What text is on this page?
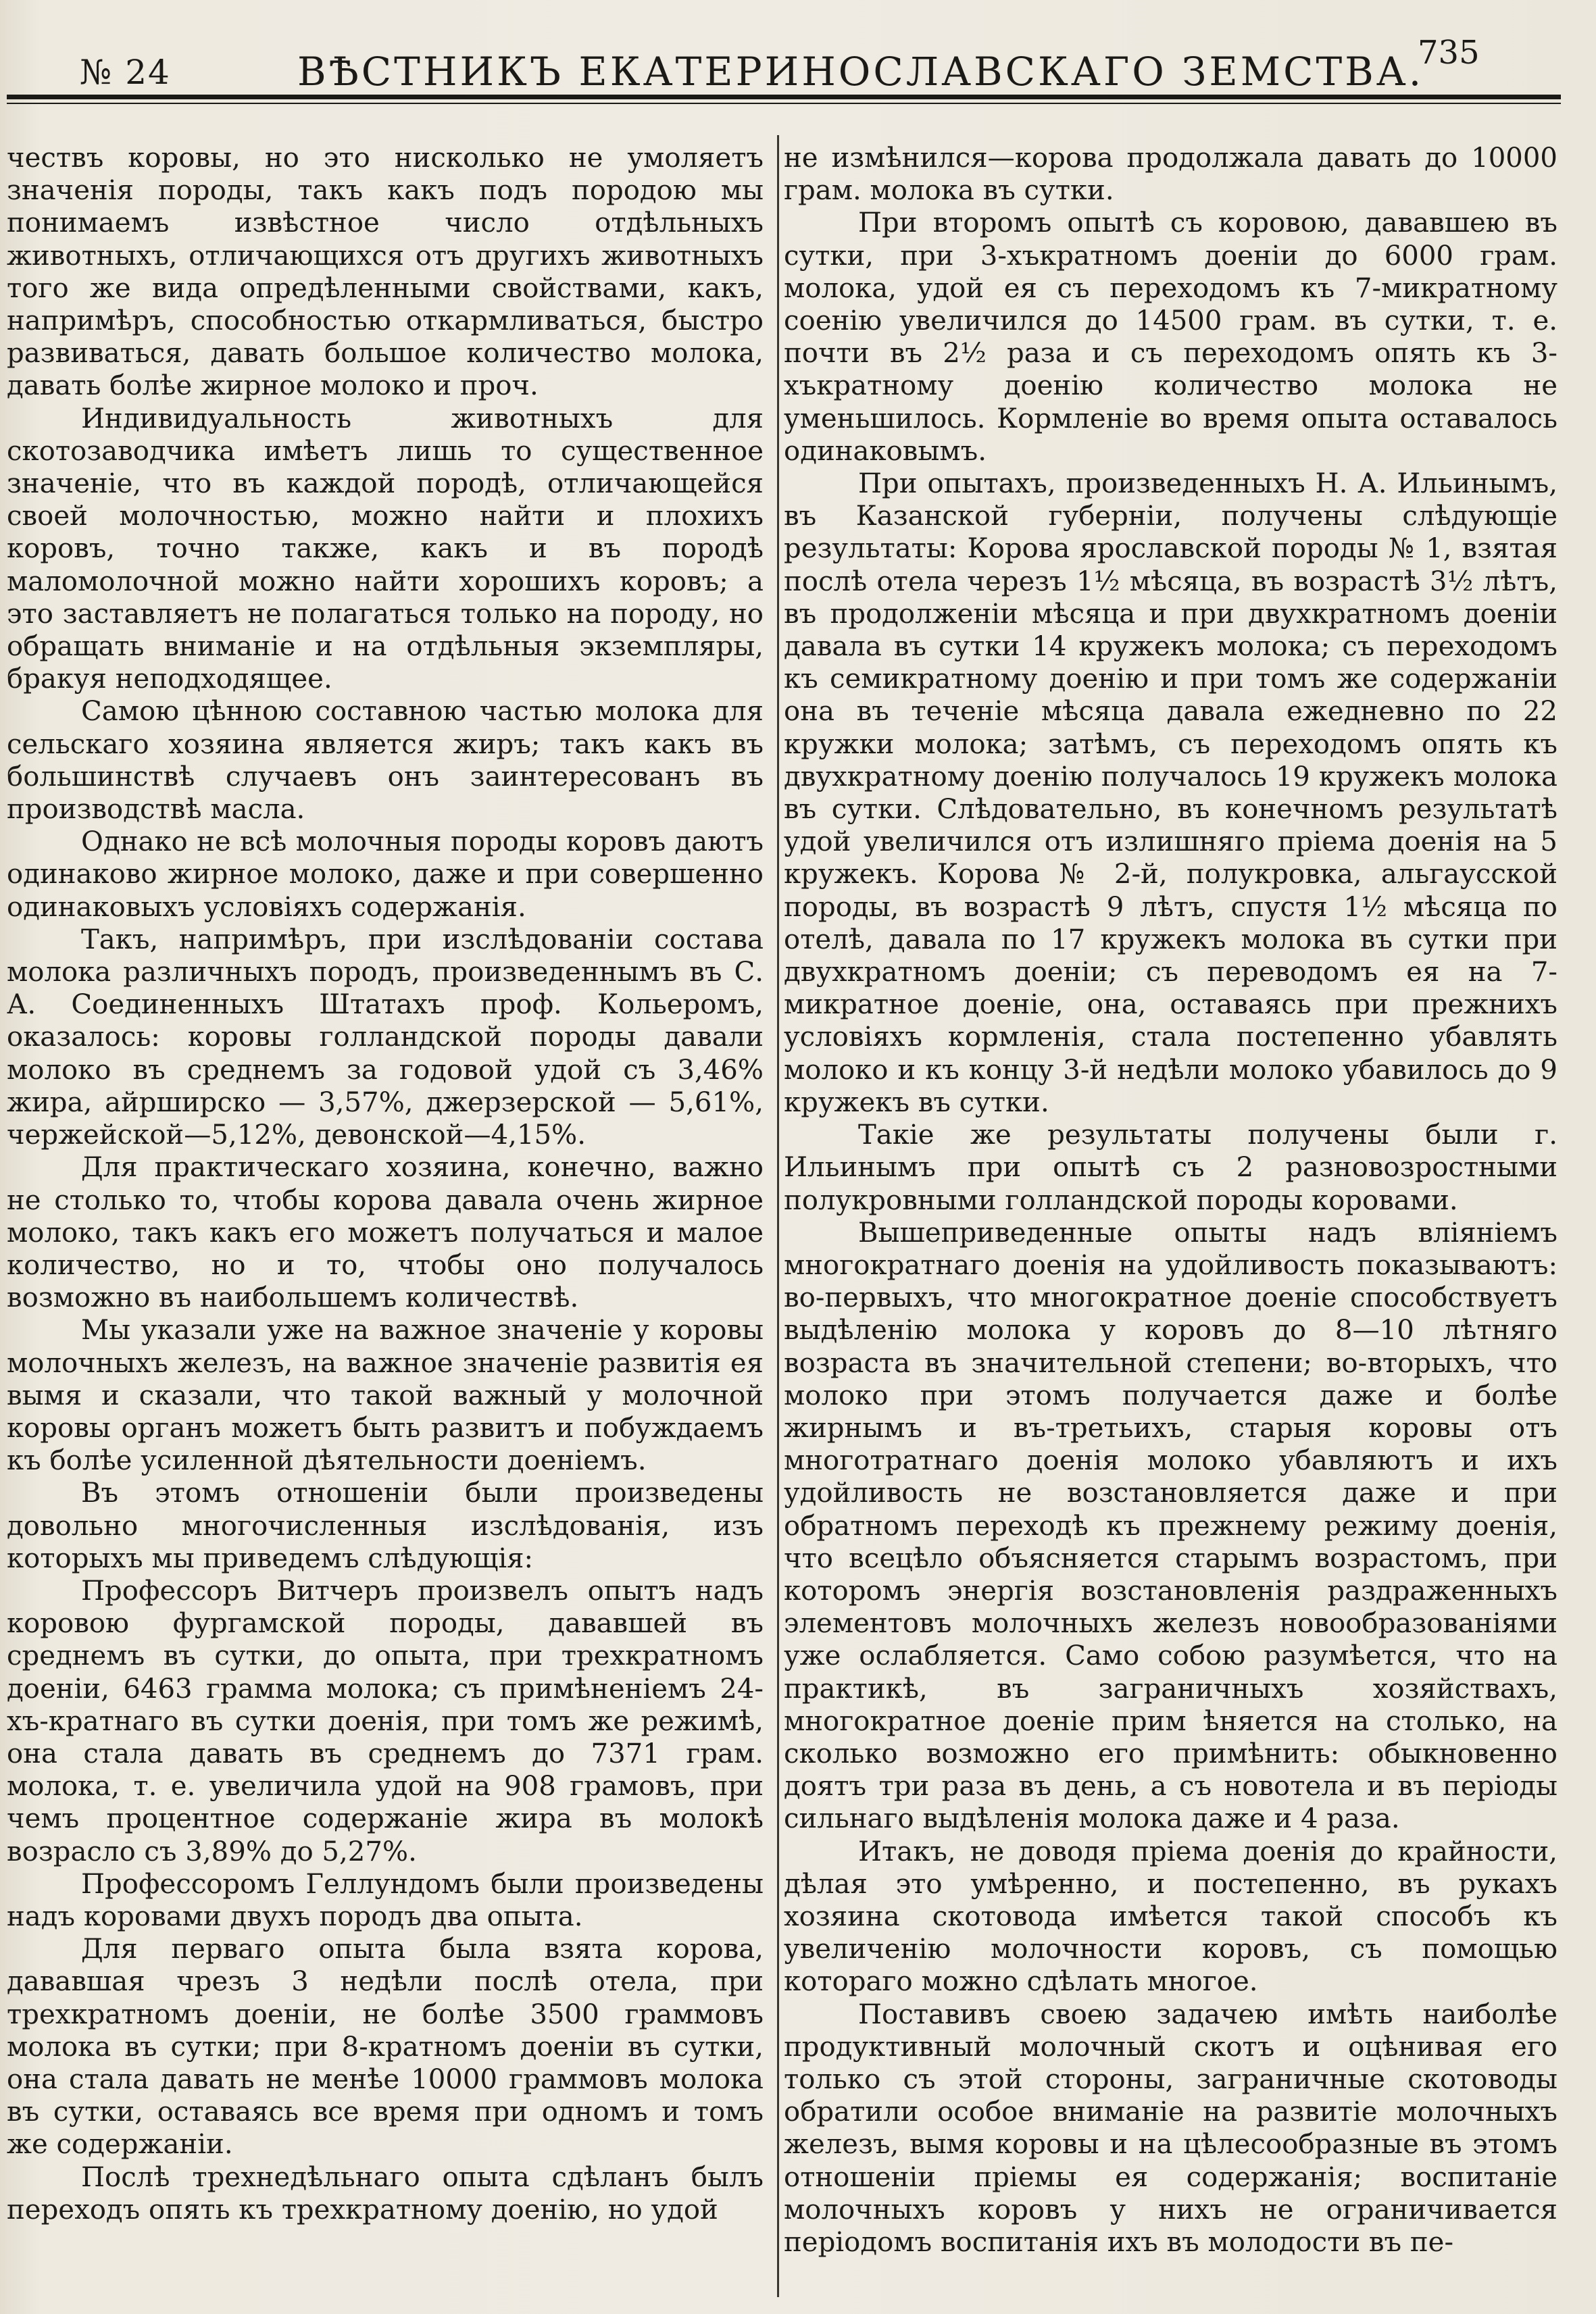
№ 24	ВѢСТНИКЪ ЕКАТЕРИНОСЛАВСКАГО ЗЕМСТВА.
735

чествъ коровы, но это нисколько не умоляетъ значенія породы, такъ какъ подъ породою мы понимаемъ извѣстное число отдѣльныхъ животныхъ, отличающихся отъ другихъ животныхъ того же вида опредѣленными свойствами, какъ, напримѣръ, способностью откармливаться, быстро развиваться, давать большое количество молока, давать болѣе жирное молоко и проч.

Индивидуальность животныхъ для скотозаводчика имѣетъ лишь то существенное значеніе, что въ каждой породѣ, отличающейся своей молочностью, можно найти и плохихъ коровъ, точно также, какъ и въ породѣ маломолочной можно найти хорошихъ коровъ; а это заставляетъ не полагаться только на породу, но обращать вниманіе и на отдѣльныя экземпляры, бракуя неподходящее.

Самою цѣнною составною частью молока для сельскаго хозяина является жиръ; такъ какъ въ большинствѣ случаевъ онъ заинтересованъ въ производствѣ масла.

Однако не всѣ молочныя породы коровъ даютъ одинаково жирное молоко, даже и при совершенно одинаковыхъ условіяхъ содержанія.

Такъ, напримѣръ, при изслѣдованіи состава молока различныхъ породъ, произведеннымъ въ С. А. Соединенныхъ Штатахъ проф. Кольеромъ, оказалось: коровы голландской породы давали молоко въ среднемъ за годовой удой съ 3,46% жира, айрширско — 3,57%, джерзерской — 5,61%, чержейской—5,12%, девонской—4,15%.

Для практическаго хозяина, конечно, важно не столько то, чтобы корова давала очень жирное молоко, такъ какъ его можетъ получаться и малое количество, но и то, чтобы оно получалось возможно въ наибольшемъ количествѣ.

Мы указали уже на важное значеніе у коровы молочныхъ железъ, на важное значеніе развитія ея вымя и сказали, что такой важный у молочной коровы органъ можетъ быть развитъ и побуждаемъ къ болѣе усиленной дѣятельности доеніемъ.

Въ этомъ отношеніи были произведены довольно многочисленныя изслѣдованія, изъ которыхъ мы приведемъ слѣдующія:

Профессоръ Витчеръ произвелъ опытъ надъ коровою фургамской породы, дававшей въ среднемъ въ сутки, до опыта, при трехкратномъ доеніи, 6463 грамма молока; съ примѣненіемъ 24-хъ-кратнаго въ сутки доенія, при томъ же режимѣ, она стала давать въ среднемъ до 7371 грам. молока, т. е. увеличила удой на 908 грамовъ, при чемъ процентное содержаніе жира въ молокѣ возрасло съ 3,89% до 5,27%.

Профессоромъ Геллундомъ были произведены надъ коровами двухъ породъ два опыта.

Для перваго опыта была взята корова, дававшая чрезъ 3 недѣли послѣ отела, при трехкратномъ доеніи, не болѣе 3500 граммовъ молока въ сутки; при 8-кратномъ доеніи въ сутки, она стала давать не менѣе 10000 граммовъ молока въ сутки, оставаясь все время при одномъ и томъ же содержаніи.

Послѣ трехнедѣльнаго опыта сдѣланъ былъ переходъ опять къ трехкратному доенію, но удой

не измѣнился—корова продолжала давать до 10000 грам. молока въ сутки.

При второмъ опытѣ съ коровою, дававшею въ сутки, при 3-хъкратномъ доеніи до 6000 грам. молока, удой ея съ переходомъ къ 7-микратному соенію увеличился до 14500 грам. въ сутки, т. е. почти въ 2½ раза и съ переходомъ опять къ 3-хъкратному доенію количество молока не уменьшилось. Кормленіе во время опыта оставалось одинаковымъ.

При опытахъ, произведенныхъ Н. А. Ильинымъ, въ Казанской губерніи, получены слѣдующіе результаты: Корова ярославской породы № 1, взятая послѣ отела черезъ 1½ мѣсяца, въ возрастѣ 3½ лѣтъ, въ продолженіи мѣсяца и при двухкратномъ доеніи давала въ сутки 14 кружекъ молока; съ переходомъ къ семикратному доенію и при томъ же содержаніи она въ теченіе мѣсяца давала ежедневно по 22 кружки молока; затѣмъ, съ переходомъ опять къ двухкратному доенію получалось 19 кружекъ молока въ сутки. Слѣдовательно, въ конечномъ результатѣ удой увеличился отъ излишняго пріема доенія на 5 кружекъ. Корова № 2-й, полукровка, альгаусской породы, въ возрастѣ 9 лѣтъ, спустя 1½ мѣсяца по отелѣ, давала по 17 кружекъ молока въ сутки при двухкратномъ доеніи; съ переводомъ ея на 7-микратное доеніе, она, оставаясь при прежнихъ условіяхъ кормленія, стала постепенно убавлять молоко и къ концу 3-й недѣли молоко убавилось до 9 кружекъ въ сутки.

Такіе же результаты получены были г. Ильинымъ при опытѣ съ 2 разновозростными полукровными голландской породы коровами.

Вышеприведенные опыты надъ вліяніемъ многократнаго доенія на удойливость показываютъ: во-первыхъ, что многократное доеніе способствуетъ выдѣленію молока у коровъ до 8—10 лѣтняго возраста въ значительной степени; во-вторыхъ, что молоко при этомъ получается даже и болѣе жирнымъ и въ-третьихъ, старыя коровы отъ многотратнаго доенія молоко убавляютъ и ихъ удойливость не возстановляется даже и при обратномъ переходѣ къ прежнему режиму доенія, что всецѣло объясняется старымъ возрастомъ, при которомъ энергія возстановленія раздраженныхъ элементовъ молочныхъ железъ новообразованіями уже ослабляется. Само собою разумѣется, что на практикѣ, въ заграничныхъ хозяйствахъ, многократное доеніе прим ѣняется на столько, на сколько возможно его примѣнить: обыкновенно доятъ три раза въ день, а съ новотела и въ періоды сильнаго выдѣленія молока даже и 4 раза.

Итакъ, не доводя пріема доенія до крайности, дѣлая это умѣренно, и постепенно, въ рукахъ хозяина скотовода имѣется такой способъ къ увеличенію молочности коровъ, съ помощью котораго можно сдѣлать многое.

Поставивъ своею задачею имѣть наиболѣе продуктивный молочный скотъ и оцѣнивая его только съ этой стороны, заграничные скотоводы обратили особое вниманіе на развитіе молочныхъ железъ, вымя коровы и на цѣлесообразные въ этомъ отношеніи пріемы ея содержанія; воспитаніе молочныхъ коровъ у нихъ не ограничивается періодомъ воспитанія ихъ въ молодости въ пе-
